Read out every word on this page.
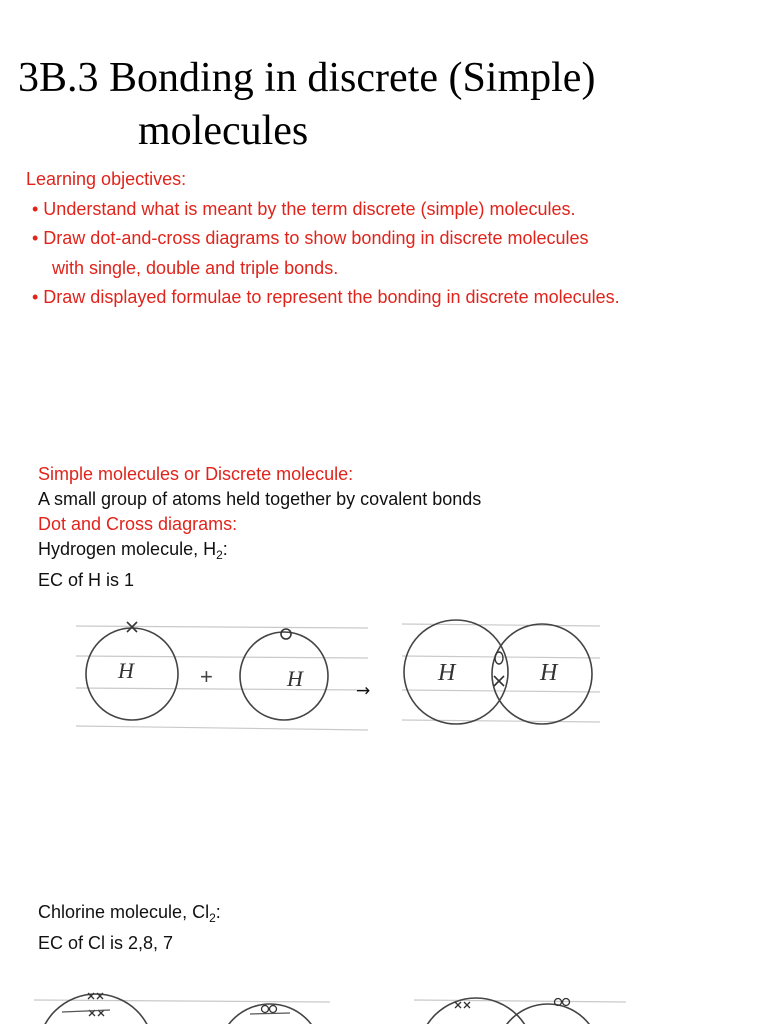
3B.3 Bonding in discrete (Simple)
molecules
Learning objectives:

• Understand what is meant by the term discrete (simple) molecules.
• Draw dot-and-cross diagrams to show bonding in discrete molecules
with single, double and triple bonds.
• Draw displayed formulae to represent the bonding in discrete molecules.
Simple molecules or Discrete molecule:
A small group of atoms held together by covalent bonds
Dot and Cross diagrams:
Hydrogen molecule, $H_2$:
EC of H is 1
H	+	H	→
H	H
Chlorine molecule, $Cl_2$:
EC of Cl is 2,8, 7
